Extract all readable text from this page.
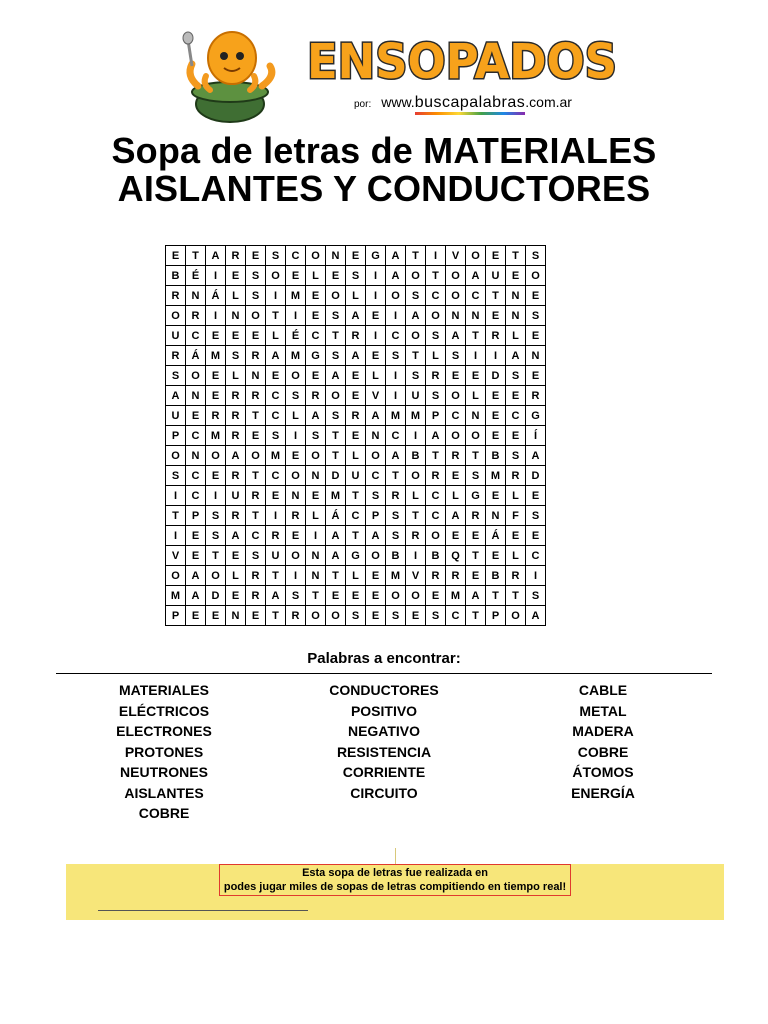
ENSOPADOS
por: www.buscapalabras.com.ar
Sopa de letras de MATERIALES
AISLANTES Y CONDUCTORES
E	T	A	R	E	S	C	O	N	E	G	A	T	I	V	O	E	T	S
B	É	I	E	S	O	E	L	E	S	I	A	O	T	O	A	U	E	O
R	N	Á	L	S	I	M	E	O	L	I	O	S	C	O	C	T	N	E
O	R	I	N	O	T	I	E	S	A	E	I	A	O	N	N	E	N	S
U	C	E	E	E	L	É	C	T	R	I	C	O	S	A	T	R	L	E
R	Á	M	S	R	A	M	G	S	A	E	S	T	L	S	I	I	A	N
S	O	E	L	N	E	O	E	A	E	L	I	S	R	E	E	D	S	E
A	N	E	R	R	C	S	R	O	E	V	I	U	S	O	L	E	E	R
U	E	R	R	T	C	L	A	S	R	A	M	M	P	C	N	E	C	G
P	C	M	R	E	S	I	S	T	E	N	C	I	A	O	O	E	E	Í
O	N	O	A	O	M	E	O	T	L	O	A	B	T	R	T	B	S	A
S	C	E	R	T	C	O	N	D	U	C	T	O	R	E	S	M	R	D
I	C	I	U	R	E	N	E	M	T	S	R	L	C	L	G	E	L	E
T	P	S	R	T	I	R	L	Á	C	P	S	T	C	A	R	N	F	S
I	E	S	A	C	R	E	I	A	T	A	S	R	O	E	E	Á	E	E
V	E	T	E	S	U	O	N	A	G	O	B	I	B	Q	T	E	L	C
O	A	O	L	R	T	I	N	T	L	E	M	V	R	R	E	B	R	I
M	A	D	E	R	A	S	T	E	E	E	O	O	E	M	A	T	T	S
P	E	E	N	E	T	R	O	O	S	E	S	E	S	C	T	P	O	A
Palabras a encontrar:
MATERIALES
ELÉCTRICOS
ELECTRONES
PROTONES
NEUTRONES
AISLANTES
COBRE
CONDUCTORES
POSITIVO
NEGATIVO
RESISTENCIA
CORRIENTE
CIRCUITO
CABLE
METAL
MADERA
COBRE
ÁTOMOS
ENERGÍA
Esta sopa de letras fue realizada en
podes jugar miles de sopas de letras compitiendo en tiempo real!
